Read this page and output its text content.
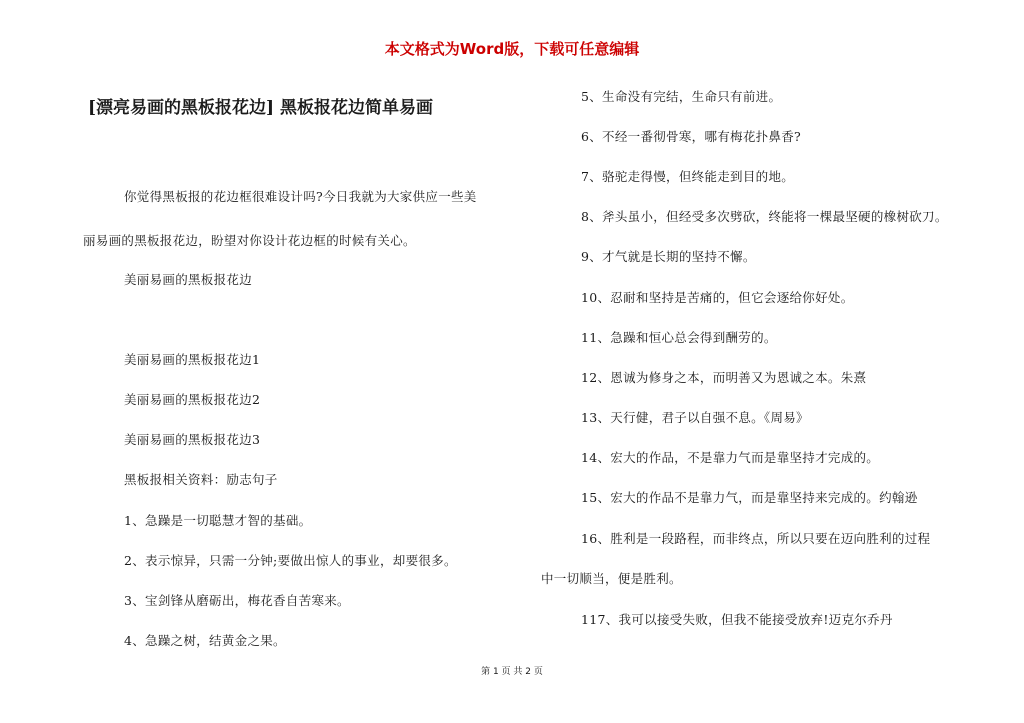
本文格式为Word版，下载可任意编辑
[漂亮易画的黑板报花边] 黑板报花边简单易画
你觉得黑板报的花边框很难设计吗?今日我就为大家供应一些美
丽易画的黑板报花边，盼望对你设计花边框的时候有关心。
美丽易画的黑板报花边
美丽易画的黑板报花边1
美丽易画的黑板报花边2
美丽易画的黑板报花边3
黑板报相关资料：励志句子
1、急躁是一切聪慧才智的基础。
2、表示惊异，只需一分钟;要做出惊人的事业，却要很多。
3、宝剑锋从磨砺出，梅花香自苦寒来。
4、急躁之树，结黄金之果。
5、生命没有完结，生命只有前进。
6、不经一番彻骨寒，哪有梅花扑鼻香?
7、骆驼走得慢，但终能走到目的地。
8、斧头虽小，但经受多次劈砍，终能将一棵最坚硬的橡树砍刀。
9、才气就是长期的坚持不懈。
10、忍耐和坚持是苦痛的，但它会逐给你好处。
11、急躁和恒心总会得到酬劳的。
12、恩诚为修身之本，而明善又为恩诚之本。朱熹
13、天行健，君子以自强不息。《周易》
14、宏大的作品，不是靠力气而是靠坚持才完成的。
15、宏大的作品不是靠力气，而是靠坚持来完成的。约翰逊
16、胜利是一段路程，而非终点，所以只要在迈向胜利的过程
中一切顺当，便是胜利。
117、我可以接受失败，但我不能接受放弃!迈克尔乔丹
第 1 页 共 2 页
